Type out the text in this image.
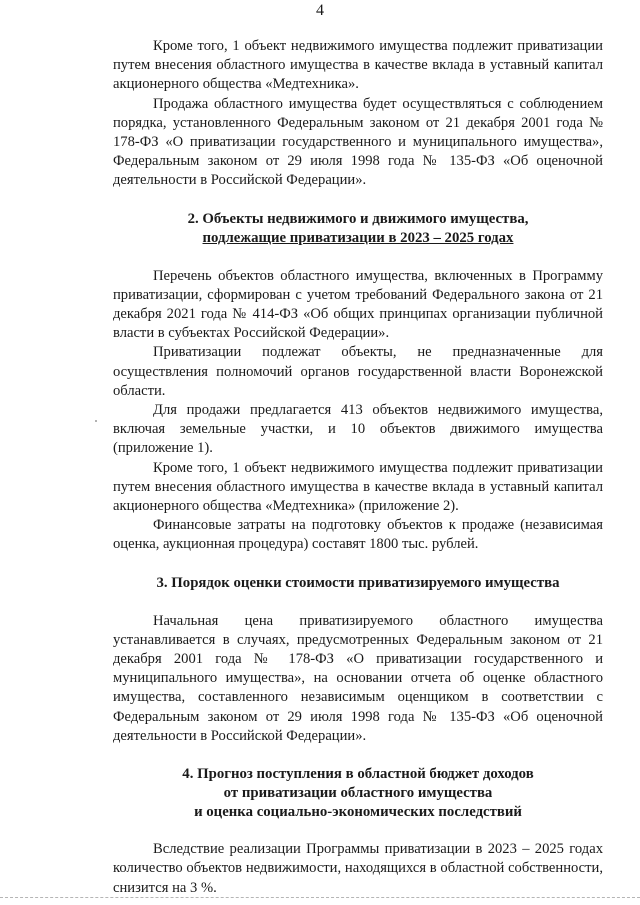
4

Кроме того, 1 объект недвижимого имущества подлежит приватизации путем внесения областного имущества в качестве вклада в уставный капитал акционерного общества «Медтехника».

Продажа областного имущества будет осуществляться с соблюдением порядка, установленного Федеральным законом от 21 декабря 2001 года № 178-ФЗ «О приватизации государственного и муниципального имущества», Федеральным законом от 29 июля 1998 года № 135-ФЗ «Об оценочной деятельности в Российской Федерации».

2. Объекты недвижимого и движимого имущества,
подлежащие приватизации в 2023 – 2025 годах

Перечень объектов областного имущества, включенных в Программу приватизации, сформирован с учетом требований Федерального закона от 21 декабря 2021 года № 414-ФЗ «Об общих принципах организации публичной власти в субъектах Российской Федерации».

Приватизации подлежат объекты, не предназначенные для осуществления полномочий органов государственной власти Воронежской области.

Для продажи предлагается 413 объектов недвижимого имущества, включая земельные участки, и 10 объектов движимого имущества (приложение 1).

Кроме того, 1 объект недвижимого имущества подлежит приватизации путем внесения областного имущества в качестве вклада в уставный капитал акционерного общества «Медтехника» (приложение 2).

Финансовые затраты на подготовку объектов к продаже (независимая оценка, аукционная процедура) составят 1800 тыс. рублей.

3. Порядок оценки стоимости приватизируемого имущества

Начальная цена приватизируемого областного имущества устанавливается в случаях, предусмотренных Федеральным законом от 21 декабря 2001 года № 178-ФЗ «О приватизации государственного и муниципального имущества», на основании отчета об оценке областного имущества, составленного независимым оценщиком в соответствии с Федеральным законом от 29 июля 1998 года № 135-ФЗ «Об оценочной деятельности в Российской Федерации».

4. Прогноз поступления в областной бюджет доходов
от приватизации областного имущества
и оценка социально-экономических последствий

Вследствие реализации Программы приватизации в 2023 – 2025 годах количество объектов недвижимости, находящихся в областной собственности, снизится на 3 %.
